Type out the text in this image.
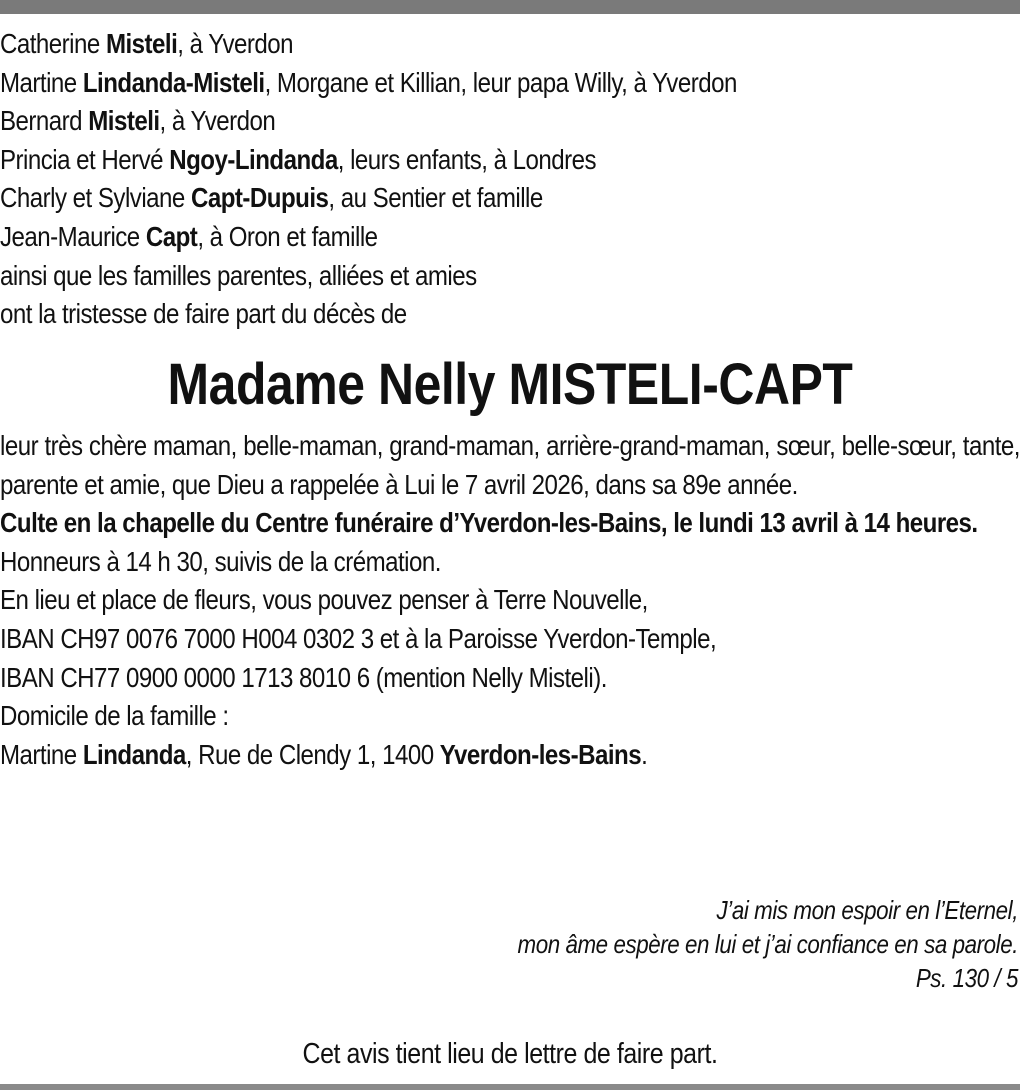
Catherine Misteli, à Yverdon
Martine Lindanda-Misteli, Morgane et Killian, leur papa Willy, à Yverdon
Bernard Misteli, à Yverdon
Princia et Hervé Ngoy-Lindanda, leurs enfants, à Londres
Charly et Sylviane Capt-Dupuis, au Sentier et famille
Jean-Maurice Capt, à Oron et famille
ainsi que les familles parentes, alliées et amies
ont la tristesse de faire part du décès de
Madame Nelly MISTELI-CAPT
leur très chère maman, belle-maman, grand-maman, arrière-grand-maman, sœur, belle-sœur, tante, parente et amie, que Dieu a rappelée à Lui le 7 avril 2026, dans sa 89e année.
Culte en la chapelle du Centre funéraire d’Yverdon-les-Bains, le lundi 13 avril à 14 heures.
Honneurs à 14 h 30, suivis de la crémation.
En lieu et place de fleurs, vous pouvez penser à Terre Nouvelle,
IBAN CH97 0076 7000 H004 0302 3 et à la Paroisse Yverdon-Temple,
IBAN CH77 0900 0000 1713 8010 6 (mention Nelly Misteli).
Domicile de la famille :
Martine Lindanda, Rue de Clendy 1, 1400 Yverdon-les-Bains.
J’ai mis mon espoir en l’Eternel,
mon âme espère en lui et j’ai confiance en sa parole.
Ps. 130 / 5
Cet avis tient lieu de lettre de faire part.
